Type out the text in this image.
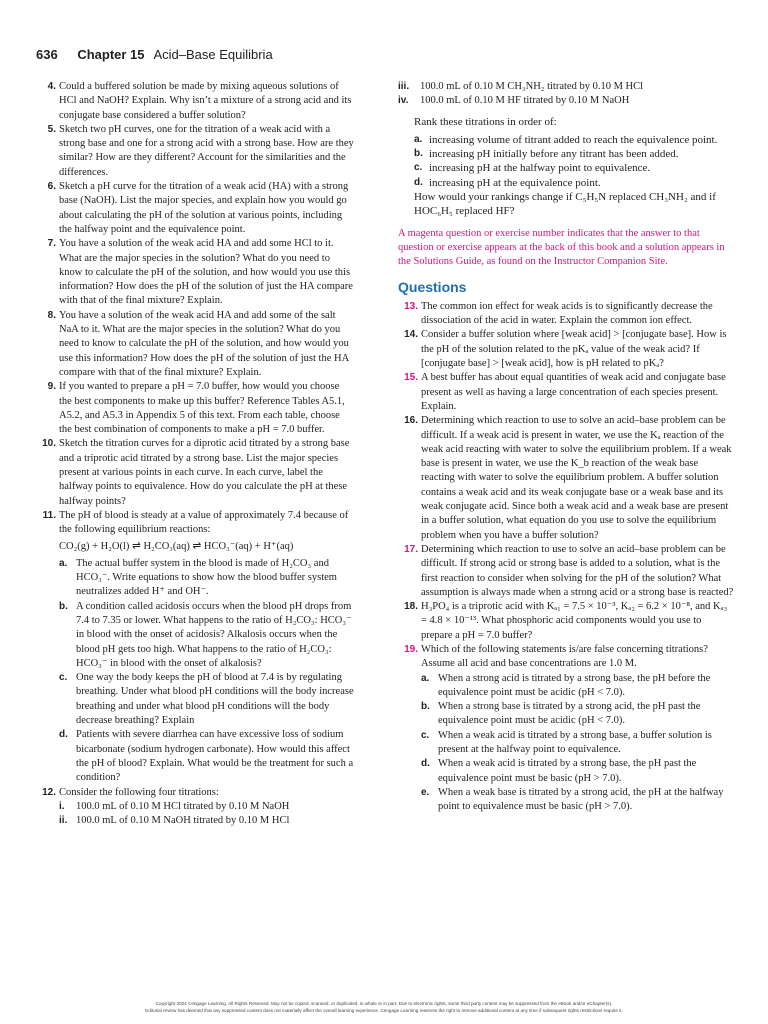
636 Chapter 15 Acid–Base Equilibria
4. Could a buffered solution be made by mixing aqueous solutions of HCl and NaOH? Explain. Why isn’t a mixture of a strong acid and its conjugate base considered a buffer solution?
5. Sketch two pH curves, one for the titration of a weak acid with a strong base and one for a strong acid with a strong base. How are they similar? How are they different? Account for the similarities and the differences.
6. Sketch a pH curve for the titration of a weak acid (HA) with a strong base (NaOH). List the major species, and explain how you would go about calculating the pH of the solution at various points, including the halfway point and the equivalence point.
7. You have a solution of the weak acid HA and add some HCl to it. What are the major species in the solution? What do you need to know to calculate the pH of the solution, and how would you use this information? How does the pH of the solution of just the HA compare with that of the final mixture? Explain.
8. You have a solution of the weak acid HA and add some of the salt NaA to it. What are the major species in the solution? What do you need to know to calculate the pH of the solution, and how would you use this information? How does the pH of the solution of just the HA compare with that of the final mixture? Explain.
9. If you wanted to prepare a pH = 7.0 buffer, how would you choose the best components to make up this buffer? Reference Tables A5.1, A5.2, and A5.3 in Appendix 5 of this text. From each table, choose the best combination of components to make a pH = 7.0 buffer.
10. Sketch the titration curves for a diprotic acid titrated by a strong base and a triprotic acid titrated by a strong base. List the major species present at various points in each curve. In each curve, label the halfway points to equivalence. How do you calculate the pH at these halfway points?
11. The pH of blood is steady at a value of approximately 7.4 because of the following equilibrium reactions:
CO₂(g) + H₂O(l) ⇌ H₂CO₃(aq) ⇌ HCO₃⁻(aq) + H⁺(aq)
a. The actual buffer system in the blood is made of H₂CO₃ and HCO₃⁻. Write equations to show how the blood buffer system neutralizes added H⁺ and OH⁻.
b. A condition called acidosis occurs when the blood pH drops from 7.4 to 7.35 or lower. What happens to the ratio of H₂CO₃: HCO₃⁻ in blood with the onset of acidosis? Alkalosis occurs when the blood pH gets too high. What happens to the ratio of H₂CO₃: HCO₃⁻ in blood with the onset of alkalosis?
c. One way the body keeps the pH of blood at 7.4 is by regulating breathing. Under what blood pH conditions will the body increase breathing and under what blood pH conditions will the body decrease breathing? Explain
d. Patients with severe diarrhea can have excessive loss of sodium bicarbonate (sodium hydrogen carbonate). How would this affect the pH of blood? Explain. What would be the treatment for such a condition?
12. Consider the following four titrations:
i. 100.0 mL of 0.10 M HCl titrated by 0.10 M NaOH
ii. 100.0 mL of 0.10 M NaOH titrated by 0.10 M HCl
iii. 100.0 mL of 0.10 M CH₃NH₂ titrated by 0.10 M HCl
iv. 100.0 mL of 0.10 M HF titrated by 0.10 M NaOH
Rank these titrations in order of:
a. increasing volume of titrant added to reach the equivalence point.
b. increasing pH initially before any titrant has been added.
c. increasing pH at the halfway point to equivalence.
d. increasing pH at the equivalence point.
How would your rankings change if C₅H₅N replaced CH₃NH₂ and if HOC₆H₅ replaced HF?
A magenta question or exercise number indicates that the answer to that question or exercise appears at the back of this book and a solution appears in the Solutions Guide, as found on the Instructor Companion Site.
Questions
13. The common ion effect for weak acids is to significantly decrease the dissociation of the acid in water. Explain the common ion effect.
14. Consider a buffer solution where [weak acid] > [conjugate base]. How is the pH of the solution related to the pKₐ value of the weak acid? If [conjugate base] > [weak acid], how is pH related to pKₐ?
15. A best buffer has about equal quantities of weak acid and conjugate base present as well as having a large concentration of each species present. Explain.
16. Determining which reaction to use to solve an acid–base problem can be difficult. If a weak acid is present in water, we use the Kₐ reaction of the weak acid reacting with water to solve the equilibrium problem. If a weak base is present in water, we use the K_b reaction of the weak base reacting with water to solve the equilibrium problem. A buffer solution contains a weak acid and its weak conjugate base or a weak base and its weak conjugate acid. Since both a weak acid and a weak base are present in a buffer solution, what equation do you use to solve the equilibrium problem when you have a buffer solution?
17. Determining which reaction to use to solve an acid–base problem can be difficult. If strong acid or strong base is added to a solution, what is the first reaction to consider when solving for the pH of the solution? What assumption is always made when a strong acid or a strong base is reacted?
18. H₃PO₄ is a triprotic acid with Kₐ₁ = 7.5 × 10⁻³, Kₐ₂ = 6.2 × 10⁻⁸, and Kₐ₃ = 4.8 × 10⁻¹³. What phosphoric acid components would you use to prepare a pH = 7.0 buffer?
19. Which of the following statements is/are false concerning titrations? Assume all acid and base concentrations are 1.0 M.
a. When a strong acid is titrated by a strong base, the pH before the equivalence point must be acidic (pH < 7.0).
b. When a strong base is titrated by a strong acid, the pH past the equivalence point must be acidic (pH < 7.0).
c. When a weak acid is titrated by a strong base, a buffer solution is present at the halfway point to equivalence.
d. When a weak acid is titrated by a strong base, the pH past the equivalence point must be basic (pH > 7.0).
e. When a weak base is titrated by a strong acid, the pH at the halfway point to equivalence must be basic (pH > 7.0).
Copyright 2024 Cengage Learning. All Rights Reserved. May not be copied, scanned, or duplicated, in whole or in part. Due to electronic rights, some third party content may be suppressed from the eBook and/or eChapter(s).
Editorial review has deemed that any suppressed content does not materially affect the overall learning experience. Cengage Learning reserves the right to remove additional content at any time if subsequent rights restrictions require it.
